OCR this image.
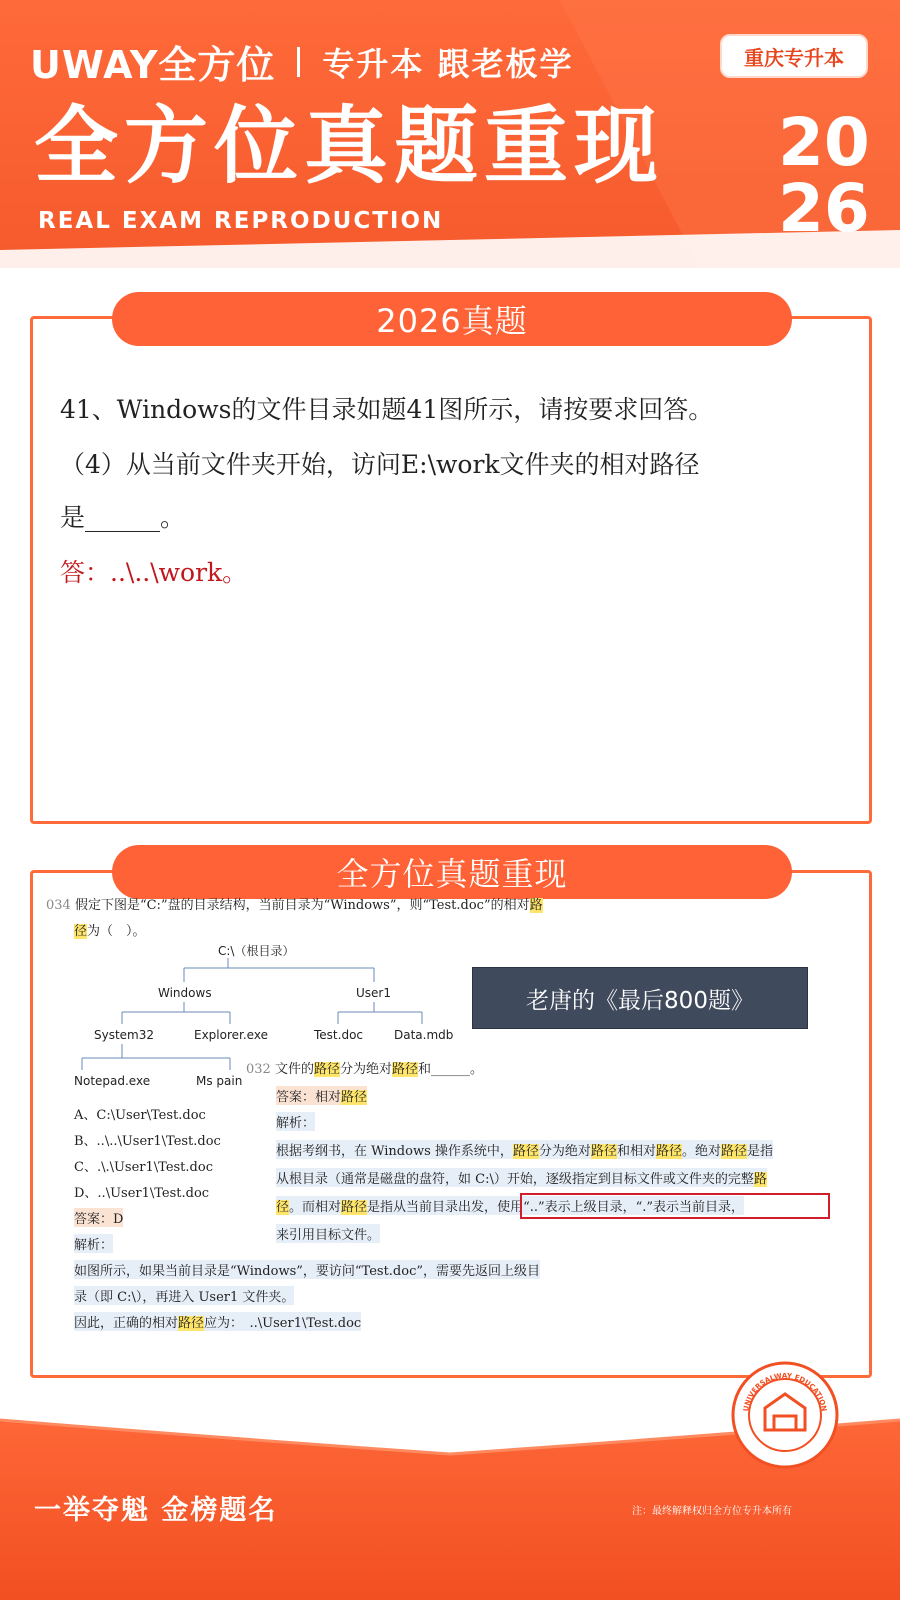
UWAY全方位 专升本 跟老板学	重庆专升本
全方位真题重现
REAL EXAM REPRODUCTION
20
26
2026真题
41、Windows的文件目录如题41图所示，请按要求回答。
（4）从当前文件夹开始，访问E:\work文件夹的相对路径
是______。
答：..\..\work。
全方位真题重现
034 假定下图是“C:”盘的目录结构，当前目录为“Windows”，则“Test.doc”的相对路
径为（　）。
C:\（根目录）
Windows	User1
System32	Explorer.exe	Test.doc	Data.mdb
Notepad.exe	Ms pain
A、C:\User\Test.doc
B、..\..\User1\Test.doc
C、.\.\User1\Test.doc
D、..\User1\Test.doc
答案：D
解析：
如图所示，如果当前目录是“Windows”，要访问“Test.doc”，需要先返回上级目
录（即 C:\），再进入 User1 文件夹。
因此，正确的相对路径应为：　..\User1\Test.doc
032 文件的路径分为绝对路径和______。
答案：相对路径
解析：
根据考纲书，在 Windows 操作系统中，路径分为绝对路径和相对路径。绝对路径是指
从根目录（通常是磁盘的盘符，如 C:\）开始，逐级指定到目标文件或文件夹的完整路
径。而相对路径是指从当前目录出发，使用“..”表示上级目录，“.”表示当前目录，
来引用目标文件。
老唐的《最后800题》
一举夺魁 金榜题名	注：最终解释权归全方位专升本所有
UNIVERSALWAY EDUCATION
